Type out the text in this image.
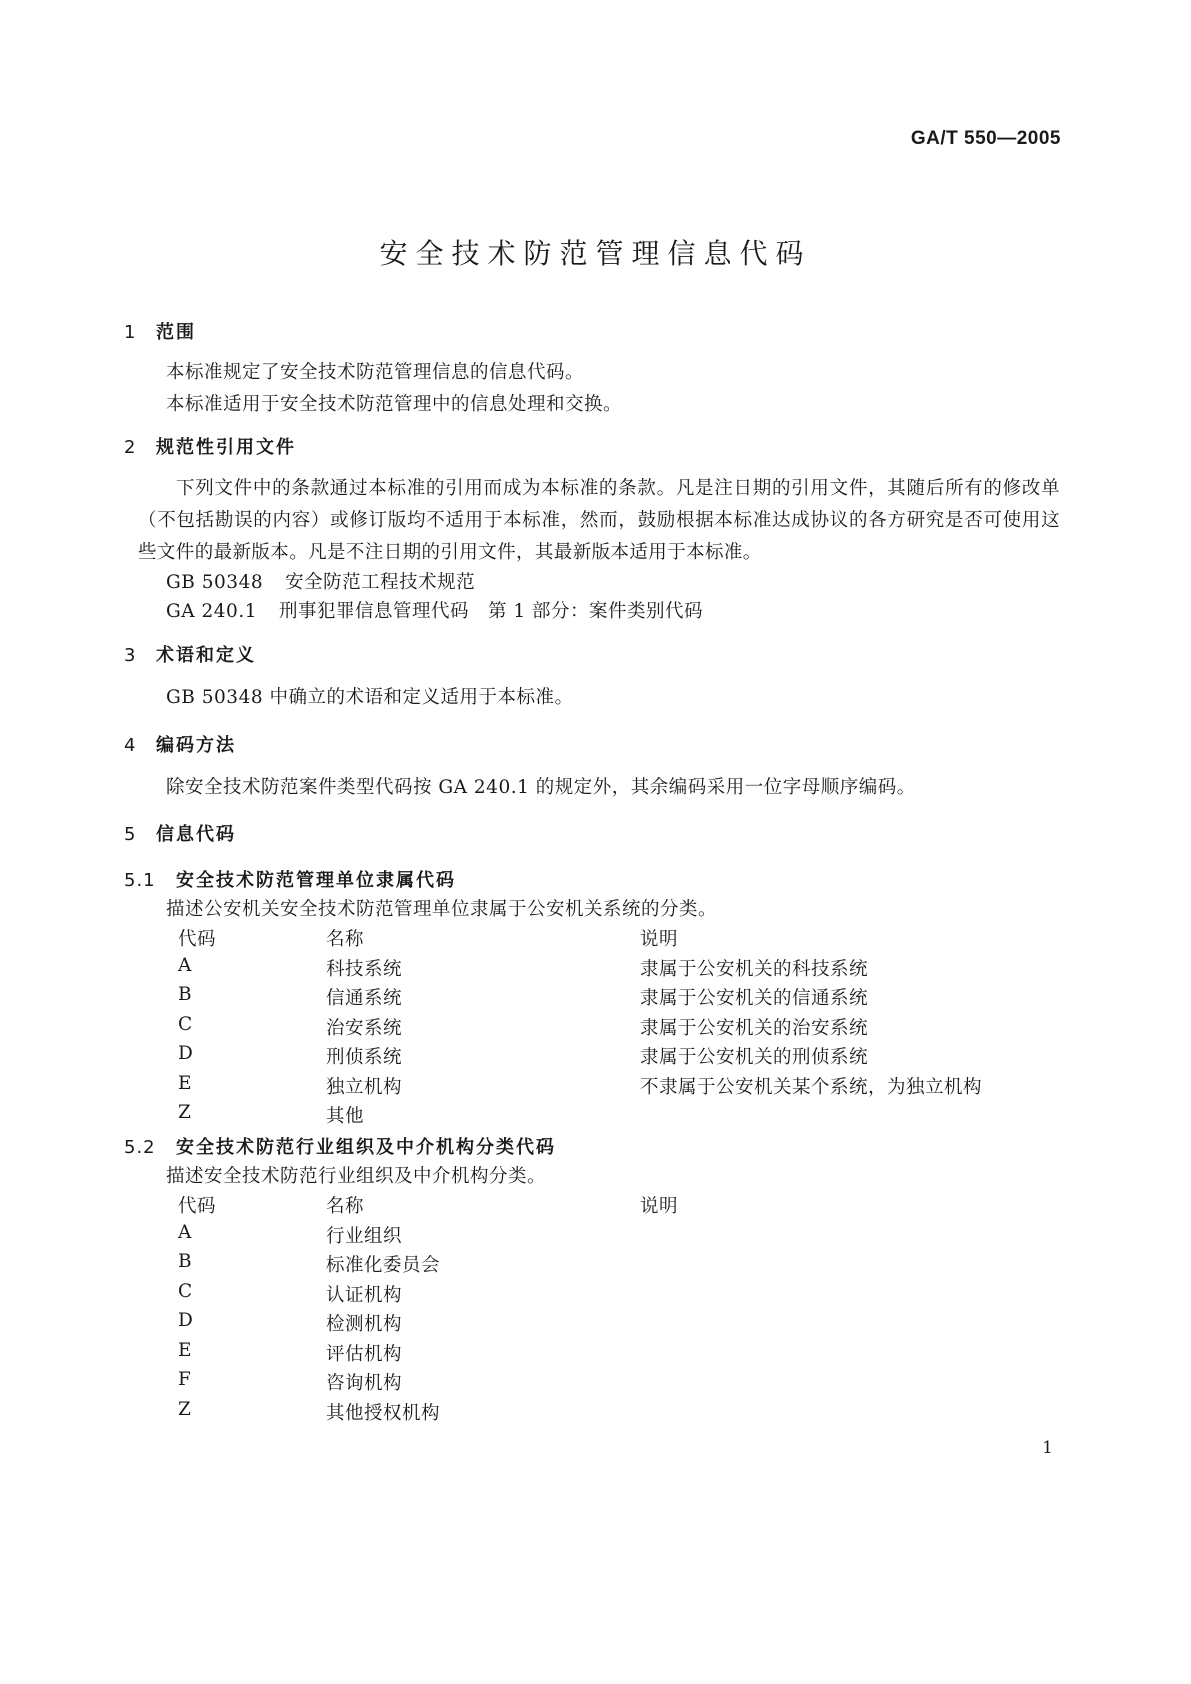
GA/T 550—2005
安全技术防范管理信息代码
1 范围
本标准规定了安全技术防范管理信息的信息代码。
本标准适用于安全技术防范管理中的信息处理和交换。
2 规范性引用文件
下列文件中的条款通过本标准的引用而成为本标准的条款。凡是注日期的引用文件，其随后所有的修改单（不包括勘误的内容）或修订版均不适用于本标准，然而，鼓励根据本标准达成协议的各方研究是否可使用这些文件的最新版本。凡是不注日期的引用文件，其最新版本适用于本标准。
GB 50348 安全防范工程技术规范
GA 240.1 刑事犯罪信息管理代码　第 1 部分：案件类别代码
3 术语和定义
GB 50348 中确立的术语和定义适用于本标准。
4 编码方法
除安全技术防范案件类型代码按 GA 240.1 的规定外，其余编码采用一位字母顺序编码。
5 信息代码
5.1 安全技术防范管理单位隶属代码
描述公安机关安全技术防范管理单位隶属于公安机关系统的分类。
代码	名称	说明
A	科技系统	隶属于公安机关的科技系统
B	信通系统	隶属于公安机关的信通系统
C	治安系统	隶属于公安机关的治安系统
D	刑侦系统	隶属于公安机关的刑侦系统
E	独立机构	不隶属于公安机关某个系统，为独立机构
Z	其他
5.2 安全技术防范行业组织及中介机构分类代码
描述安全技术防范行业组织及中介机构分类。
代码	名称	说明
A	行业组织
B	标准化委员会
C	认证机构
D	检测机构
E	评估机构
F	咨询机构
Z	其他授权机构
1
